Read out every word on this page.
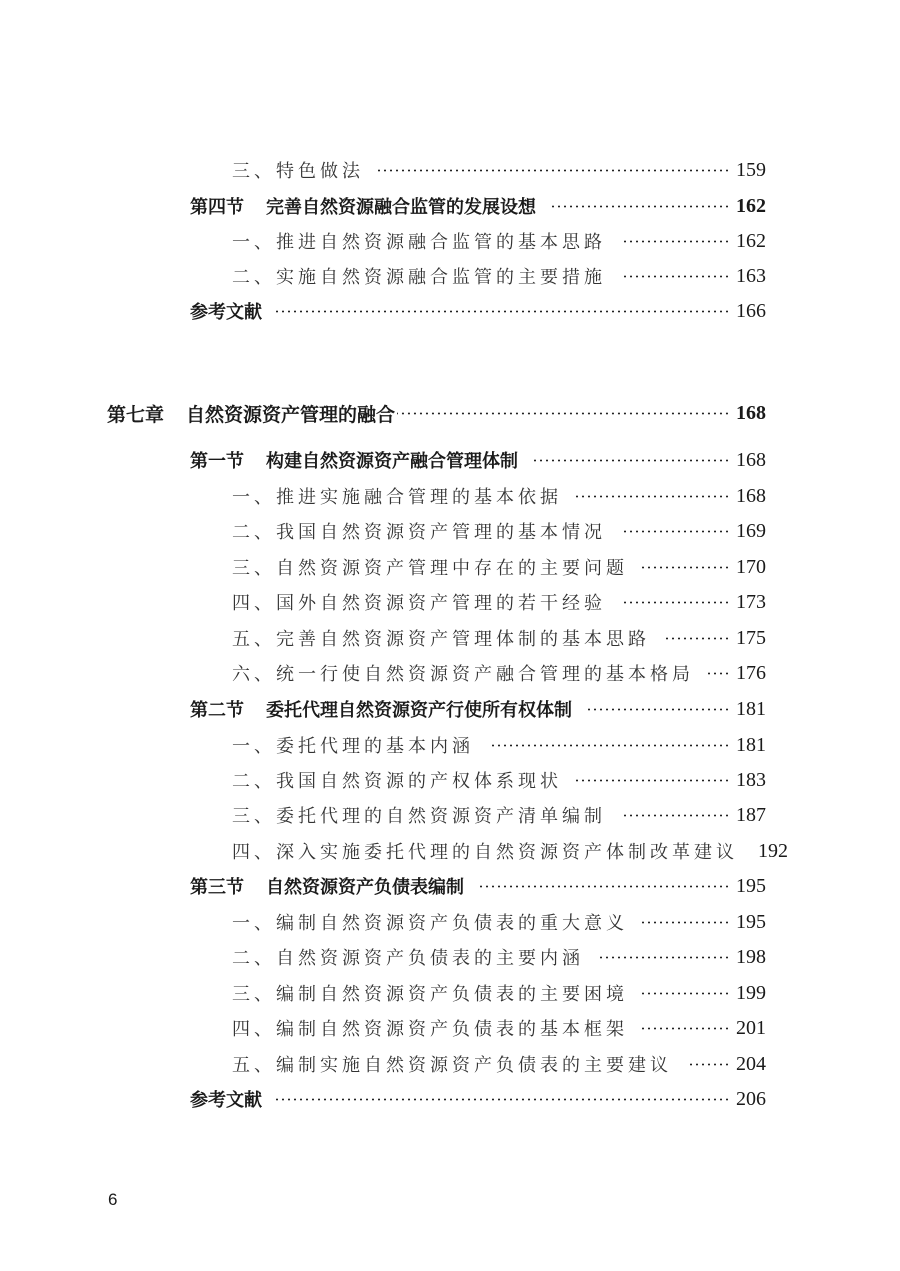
三、特色做法	159
第四节 完善自然资源融合监管的发展设想	162
一、推进自然资源融合监管的基本思路	162
二、实施自然资源融合监管的主要措施	163
参考文献	166
第七章 自然资源资产管理的融合	168
第一节 构建自然资源资产融合管理体制	168
一、推进实施融合管理的基本依据	168
二、我国自然资源资产管理的基本情况	169
三、自然资源资产管理中存在的主要问题	170
四、国外自然资源资产管理的若干经验	173
五、完善自然资源资产管理体制的基本思路	175
六、统一行使自然资源资产融合管理的基本格局 176
第二节 委托代理自然资源资产行使所有权体制	181
一、委托代理的基本内涵	181
二、我国自然资源的产权体系现状	183
三、委托代理的自然资源资产清单编制	187
四、深入实施委托代理的自然资源资产体制改革建议 192
第三节 自然资源资产负债表编制	195
一、编制自然资源资产负债表的重大意义	195
二、自然资源资产负债表的主要内涵	198
三、编制自然资源资产负债表的主要困境	199
四、编制自然资源资产负债表的基本框架	201
五、编制实施自然资源资产负债表的主要建议	204
参考文献	206
6
